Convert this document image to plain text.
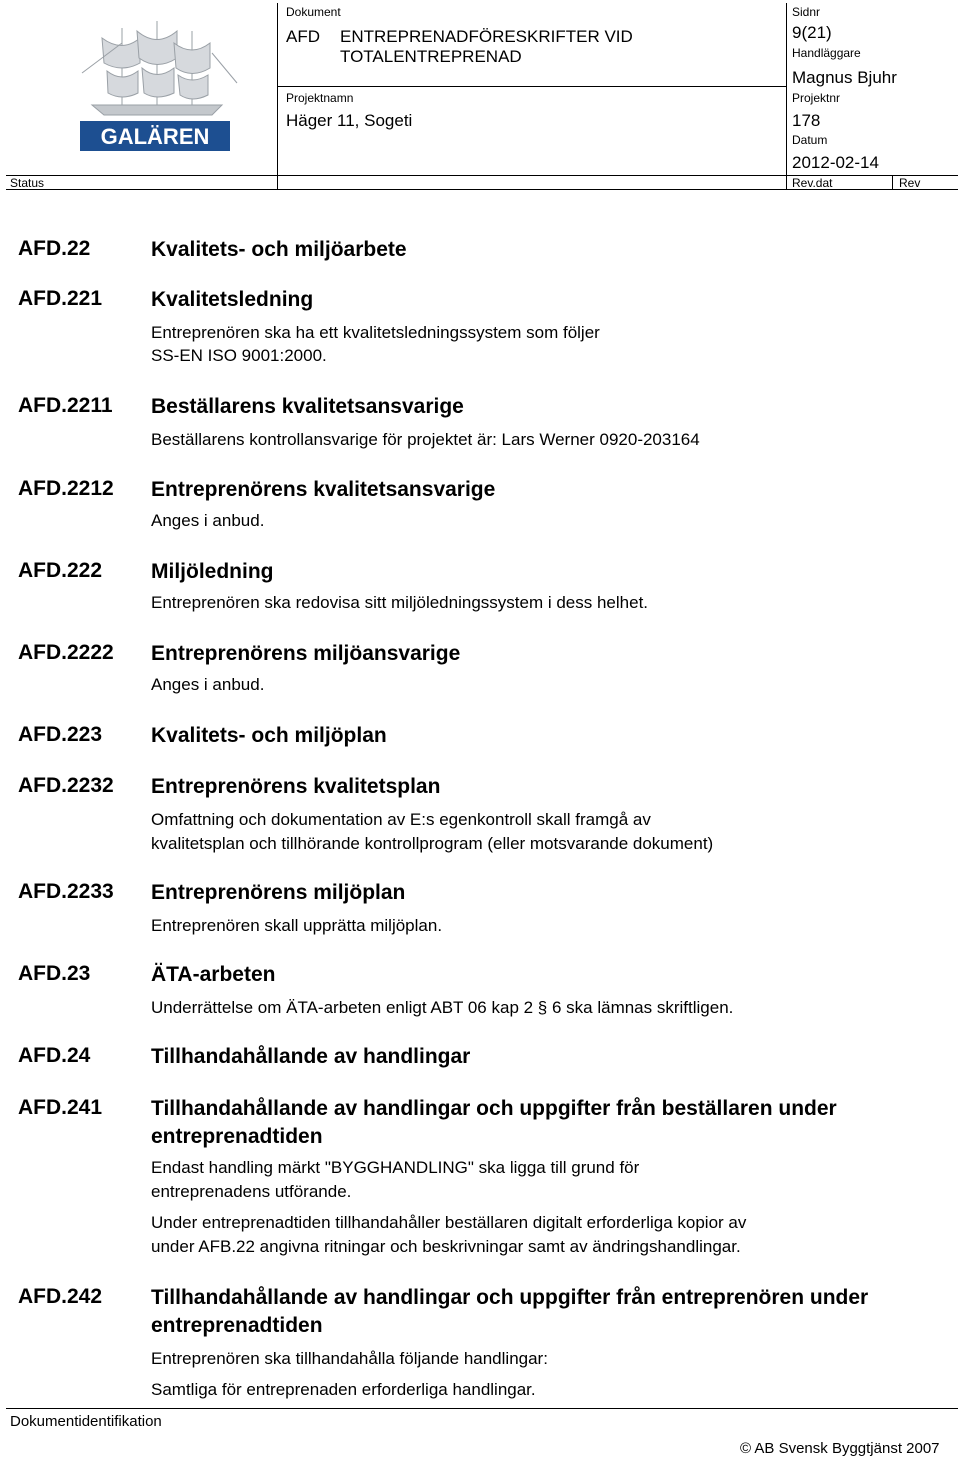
GALÄREN
Status
Dokument
AFD ENTREPRENADFÖRESKRIFTER VID TOTALENTREPRENAD
Projektnamn
Häger 11, Sogeti
Sidnr
9(21)
Handläggare
Magnus Bjuhr
Projektnr
178
Datum
2012-02-14
Rev.dat	Rev
AFD.22	Kvalitets- och miljöarbete
AFD.221 Kvalitetsledning
Entreprenören ska ha ett kvalitetsledningssystem som följer
SS-EN ISO 9001:2000.
AFD.2211 Beställarens kvalitetsansvarige
Beställarens kontrollansvarige för projektet är: Lars Werner 0920-203164
AFD.2212 Entreprenörens kvalitetsansvarige
Anges i anbud.
AFD.222 Miljöledning
Entreprenören ska redovisa sitt miljöledningssystem i dess helhet.
AFD.2222 Entreprenörens miljöansvarige
Anges i anbud.
AFD.223 Kvalitets- och miljöplan
AFD.2232 Entreprenörens kvalitetsplan
Omfattning och dokumentation av E:s egenkontroll skall framgå av
kvalitetsplan och tillhörande kontrollprogram (eller motsvarande dokument)
AFD.2233 Entreprenörens miljöplan
Entreprenören skall upprätta miljöplan.
AFD.23	ÄTA-arbeten
Underrättelse om ÄTA-arbeten enligt ABT 06 kap 2 § 6 ska lämnas skriftligen.
AFD.24	Tillhandahållande av handlingar
AFD.241 Tillhandahållande av handlingar och uppgifter från beställaren under entreprenadtiden
Endast handling märkt "BYGGHANDLING" ska ligga till grund för
entreprenadens utförande.
Under entreprenadtiden tillhandahåller beställaren digitalt erforderliga kopior av
under AFB.22 angivna ritningar och beskrivningar samt av ändringshandlingar.
AFD.242 Tillhandahållande av handlingar och uppgifter från entreprenören under entreprenadtiden
Entreprenören ska tillhandahålla följande handlingar:
Samtliga för entreprenaden erforderliga handlingar.
Dokumentidentifikation
© AB Svensk Byggtjänst 2007
